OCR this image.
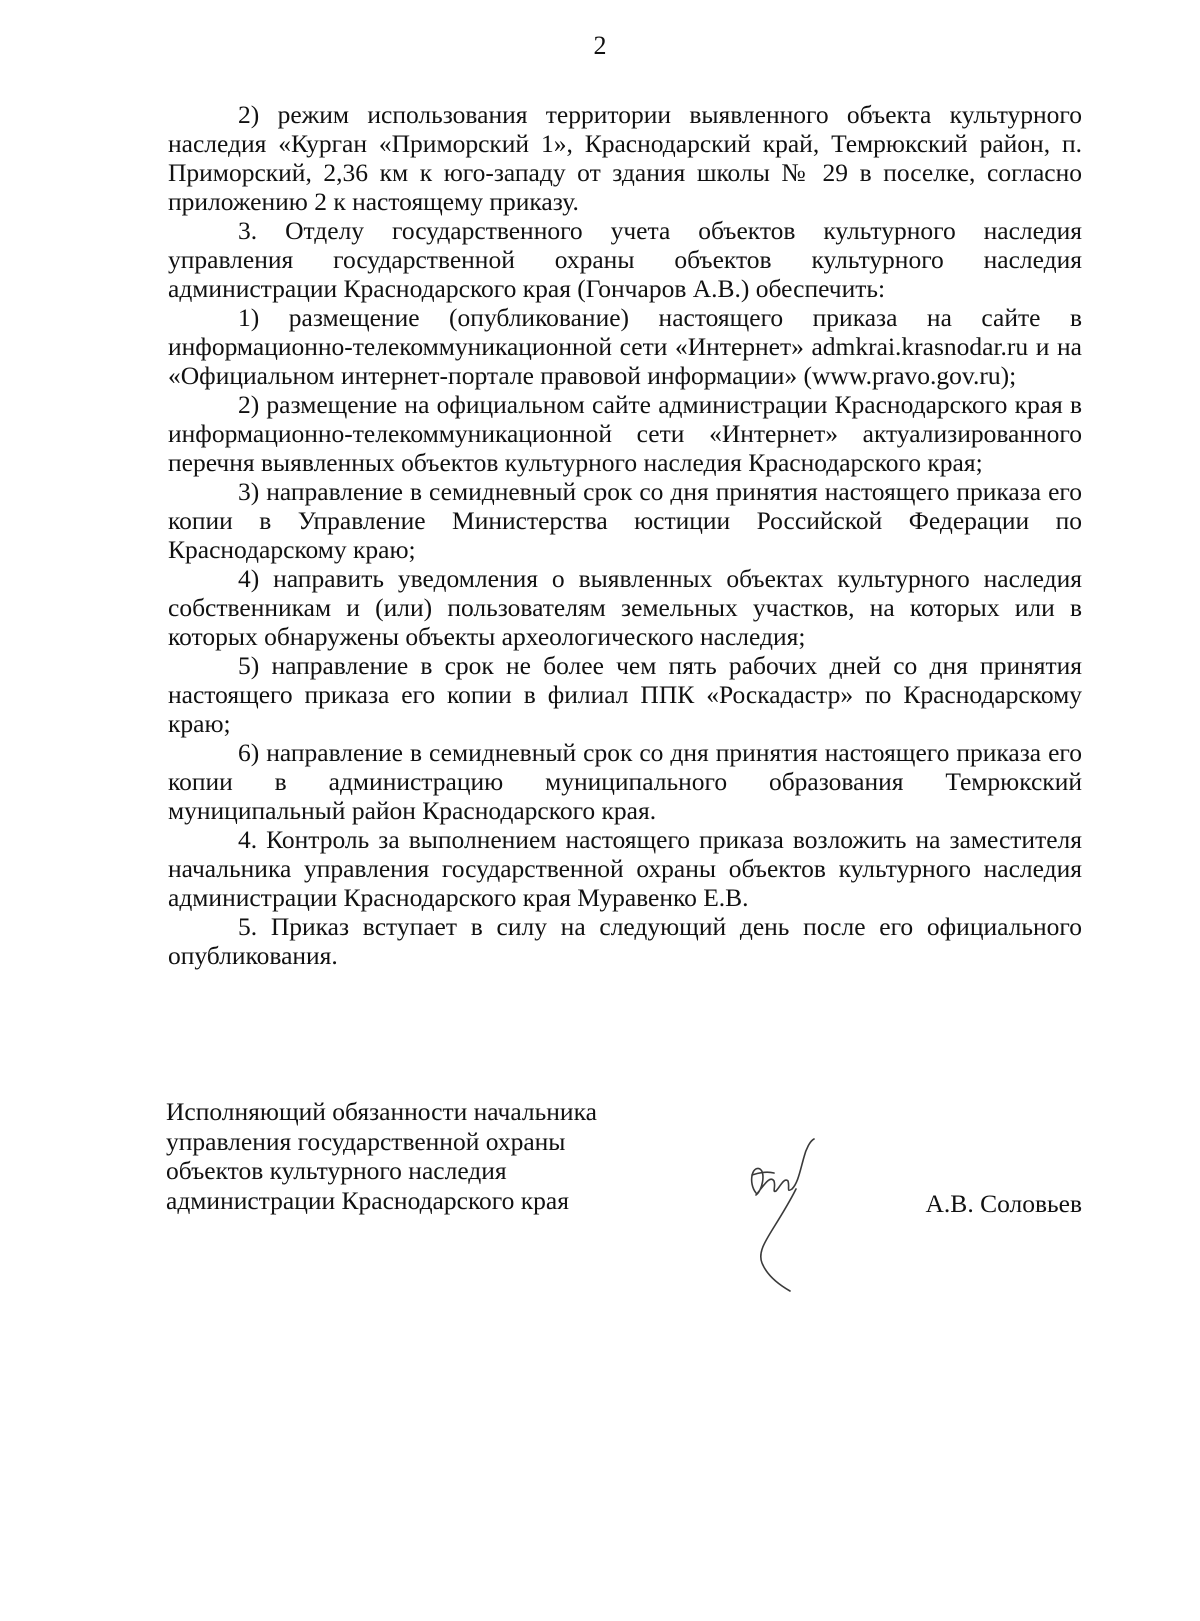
2

2) режим использования территории выявленного объекта культурного наследия «Курган «Приморский 1», Краснодарский край, Темрюкский район, п. Приморский, 2,36 км к юго-западу от здания школы № 29 в поселке, согласно приложению 2 к настоящему приказу.

3. Отделу государственного учета объектов культурного наследия управления государственной охраны объектов культурного наследия администрации Краснодарского края (Гончаров А.В.) обеспечить:

1) размещение (опубликование) настоящего приказа на сайте в информационно-телекоммуникационной сети «Интернет» admkrai.krasnodar.ru и на «Официальном интернет-портале правовой информации» (www.pravo.gov.ru);

2) размещение на официальном сайте администрации Краснодарского края в информационно-телекоммуникационной сети «Интернет» актуализированного перечня выявленных объектов культурного наследия Краснодарского края;

3) направление в семидневный срок со дня принятия настоящего приказа его копии в Управление Министерства юстиции Российской Федерации по Краснодарскому краю;

4) направить уведомления о выявленных объектах культурного наследия собственникам и (или) пользователям земельных участков, на которых или в которых обнаружены объекты археологического наследия;

5) направление в срок не более чем пять рабочих дней со дня принятия настоящего приказа его копии в филиал ППК «Роскадастр» по Краснодарскому краю;

6) направление в семидневный срок со дня принятия настоящего приказа его копии в администрацию муниципального образования Темрюкский муниципальный район Краснодарского края.

4. Контроль за выполнением настоящего приказа возложить на заместителя начальника управления государственной охраны объектов культурного наследия администрации Краснодарского края Муравенко Е.В.

5. Приказ вступает в силу на следующий день после его официального опубликования.

Исполняющий обязанности начальника
управления государственной охраны
объектов культурного наследия
администрации Краснодарского края	А.В. Соловьев
